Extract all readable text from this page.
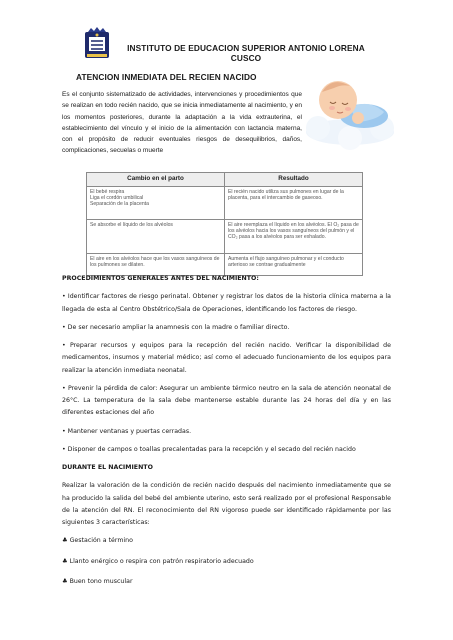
INSTITUTO DE EDUCACION SUPERIOR ANTONIO LORENA
CUSCO
ATENCION INMEDIATA DEL RECIEN NACIDO

Es el conjunto sistematizado de actividades, intervenciones y procedimientos que se realizan en todo recién nacido, que se inicia inmediatamente al nacimiento, y en los momentos posteriores, durante la adaptación a la vida extrauterina, el establecimiento del vínculo y el inicio de la alimentación con lactancia materna, con el propósito de reducir eventuales riesgos de desequilibrios, daños, complicaciones, secuelas o muerte

Cambio en el parto	Resultado

El bebé respira
Liga el cordón umbilical
Separación de la placenta	El recién nacido utiliza sus pulmones en lugar de la placenta, para el intercambio de gaseoso.

Se absorbe el líquido de los alvéolos	El aire reemplaza el líquido en los alvéolos. El O₂ pasa de los alvéolos hacia los vasos sanguíneos del pulmón y el CO₂ pasa a los alvéolos para ser exhalado.

El aire en los alvéolos hace que los vasos sanguíneos de los pulmones se dilaten.	Aumenta el flujo sanguíneo pulmonar y el conducto arterioso se contrae gradualmente

PROCEDIMIENTOS GENERALES ANTES DEL NACIMIENTO:

• Identificar factores de riesgo perinatal. Obtener y registrar los datos de la historia clínica materna a la llegada de esta al Centro Obstétrico/Sala de Operaciones, identificando los factores de riesgo.

• De ser necesario ampliar la anamnesis con la madre o familiar directo.

• Preparar recursos y equipos para la recepción del recién nacido. Verificar la disponibilidad de medicamentos, insumos y material médico; así como el adecuado funcionamiento de los equipos para realizar la atención inmediata neonatal.

• Prevenir la pérdida de calor: Asegurar un ambiente térmico neutro en la sala de atención neonatal de 26°C. La temperatura de la sala debe mantenerse estable durante las 24 horas del día y en las diferentes estaciones del año

• Mantener ventanas y puertas cerradas.

• Disponer de campos o toallas precalentadas para la recepción y el secado del recién nacido

DURANTE EL NACIMIENTO

Realizar la valoración de la condición de recién nacido después del nacimiento inmediatamente que se ha producido la salida del bebé del ambiente uterino, esto será realizado por el profesional Responsable de la atención del RN. El reconocimiento del RN vigoroso puede ser identificado rápidamente por las siguientes 3 características:

♣ Gestación a término

♣ Llanto enérgico o respira con patrón respiratorio adecuado

♣ Buen tono muscular
